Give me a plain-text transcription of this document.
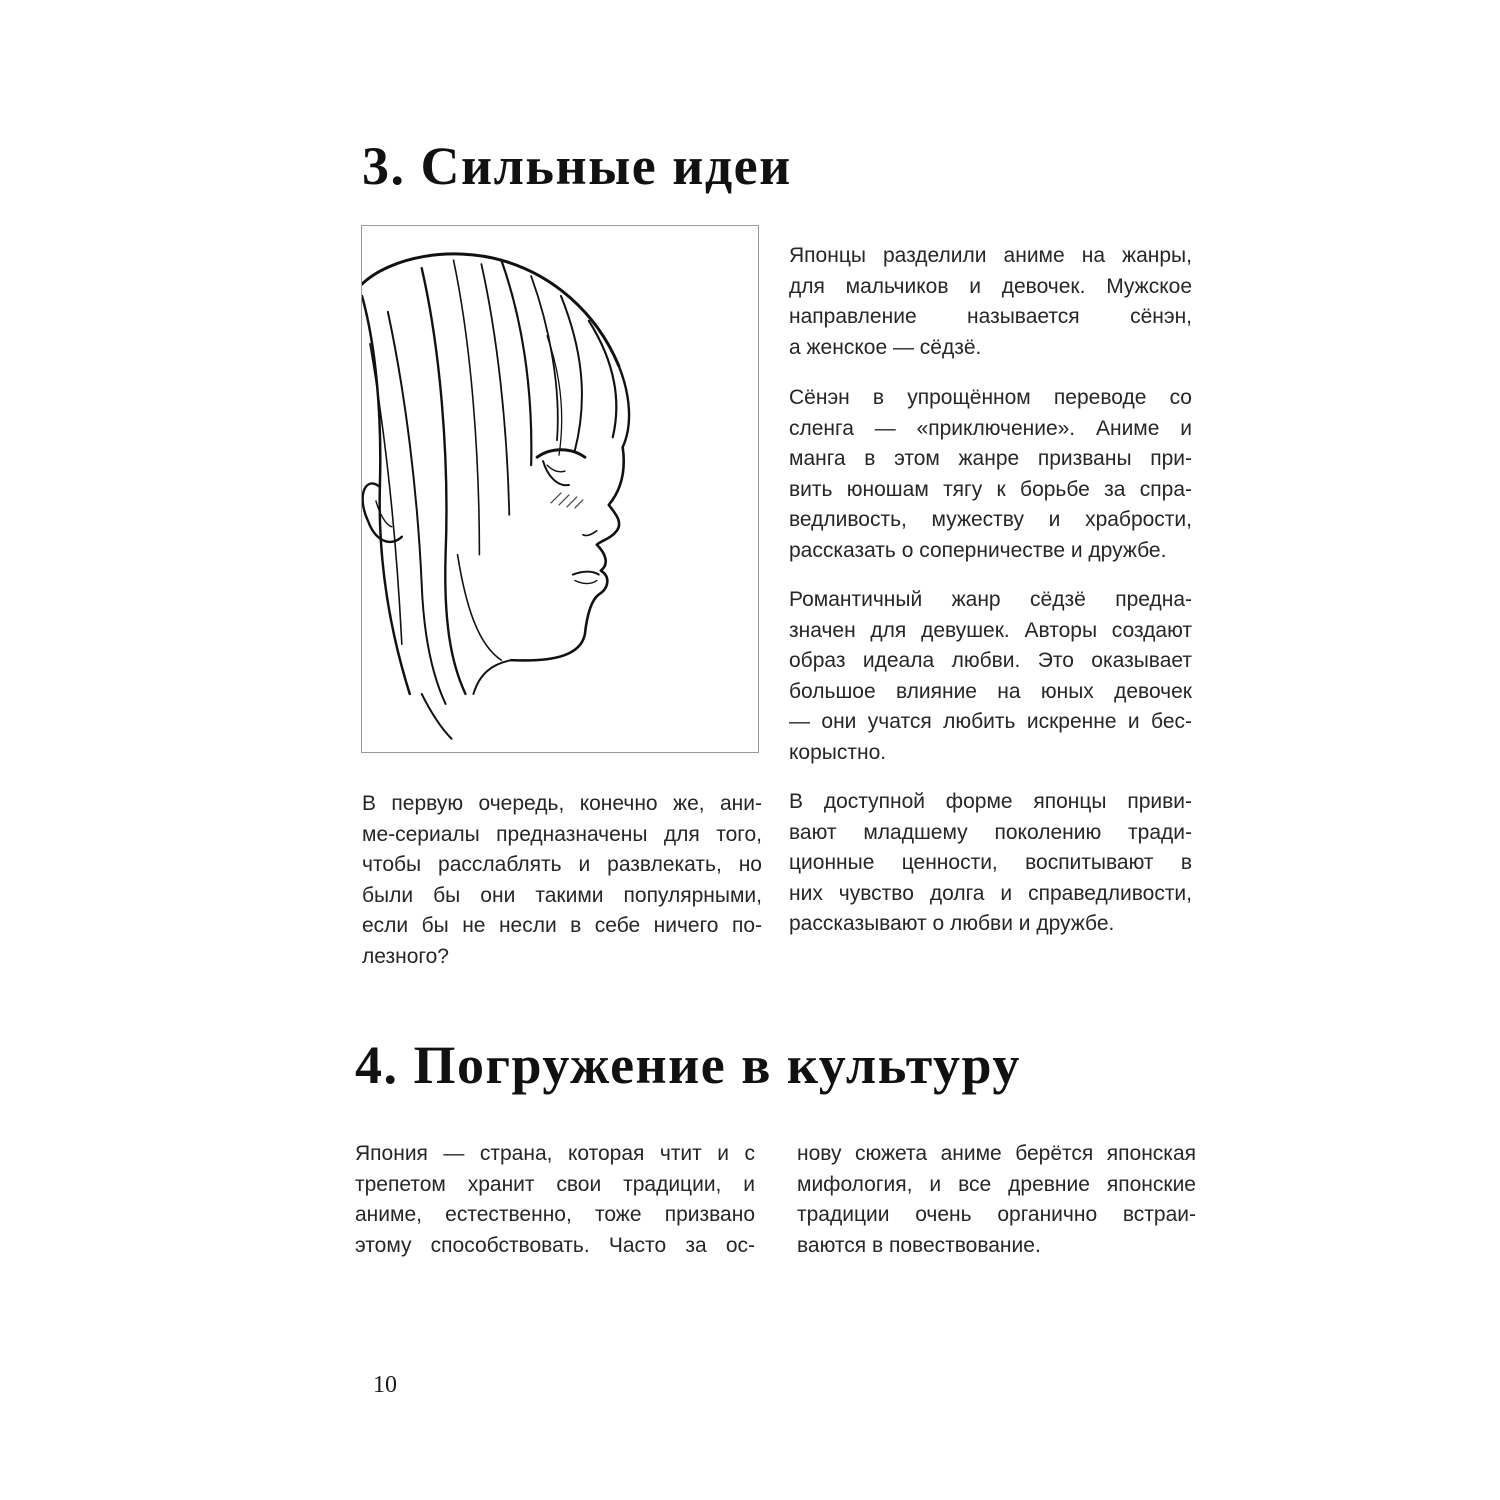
3. Сильные идеи

Японцы разделили аниме на жанры,
для мальчиков и девочек. Мужское
направление называется сёнэн,
а женское — сёдзё.

Сёнэн в упрощённом переводе со
сленга — «приключение». Аниме и
манга в этом жанре призваны при-
вить юношам тягу к борьбе за спра-
ведливость, мужеству и храбрости,
рассказать о соперничестве и дружбе.

Романтичный жанр сёдзё предна-
значен для девушек. Авторы создают
образ идеала любви. Это оказывает
большое влияние на юных девочек
— они учатся любить искренне и бес-
корыстно.

В доступной форме японцы приви-
вают младшему поколению тради-
ционные ценности, воспитывают в
них чувство долга и справедливости,
рассказывают о любви и дружбе.

В первую очередь, конечно же, ани-
ме-сериалы предназначены для того,
чтобы расслаблять и развлекать, но
были бы они такими популярными,
если бы не несли в себе ничего по-
лезного?

4. Погружение в культуру

Япония — страна, которая чтит и с
трепетом хранит свои традиции, и
аниме, естественно, тоже призвано
этому способствовать. Часто за ос-

нову сюжета аниме берётся японская
мифология, и все древние японские
традиции очень органично встраи-
ваются в повествование.

10
